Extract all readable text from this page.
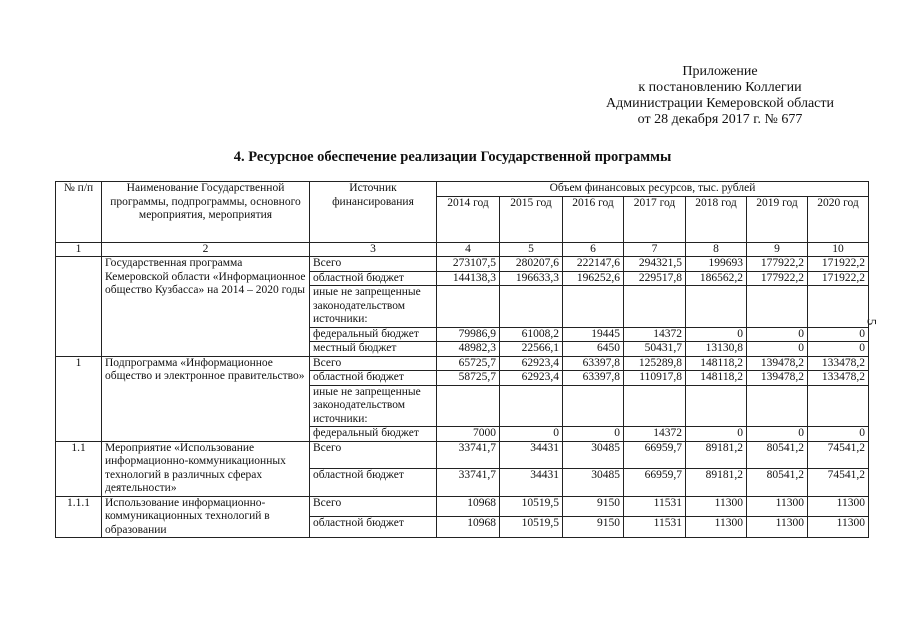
Приложение
к постановлению Коллегии
Администрации Кемеровской области
от 28 декабря 2017 г. № 677
4. Ресурсное обеспечение реализации Государственной программы
5
№ п/п	Наименование Государственной программы, подпрограммы, основного мероприятия, мероприятия	Источник финансирования	Объем финансовых ресурсов, тыс. рублей						
			2014 год	2015 год	2016 год	2017 год	2018 год	2019 год	2020 год
1	2	3	4	5	6	7	8	9	10
	Государственная программа Кемеровской области «Информационное общество Кузбасса» на 2014 – 2020 годы	Всего	273107,5	280207,6	222147,6	294321,5	199693	177922,2	171922,2
		областной бюджет	144138,3	196633,3	196252,6	229517,8	186562,2	177922,2	171922,2
		иные не запрещенные законодательством источники:							
		федеральный бюджет	79986,9	61008,2	19445	14372	0	0	0
		местный бюджет	48982,3	22566,1	6450	50431,7	13130,8	0	0
1	Подпрограмма «Информационное общество и электронное правительство»	Всего	65725,7	62923,4	63397,8	125289,8	148118,2	139478,2	133478,2
		областной бюджет	58725,7	62923,4	63397,8	110917,8	148118,2	139478,2	133478,2
		иные не запрещенные законодательством источники:							
		федеральный бюджет	7000	0	0	14372	0	0	0
1.1	Мероприятие «Использование информационно-коммуникационных технологий в различных сферах деятельности»	Всего	33741,7	34431	30485	66959,7	89181,2	80541,2	74541,2
		областной бюджет	33741,7	34431	30485	66959,7	89181,2	80541,2	74541,2
1.1.1	Использование информационно-коммуникационных технологий в образовании	Всего	10968	10519,5	9150	11531	11300	11300	11300
		областной бюджет	10968	10519,5	9150	11531	11300	11300	11300
